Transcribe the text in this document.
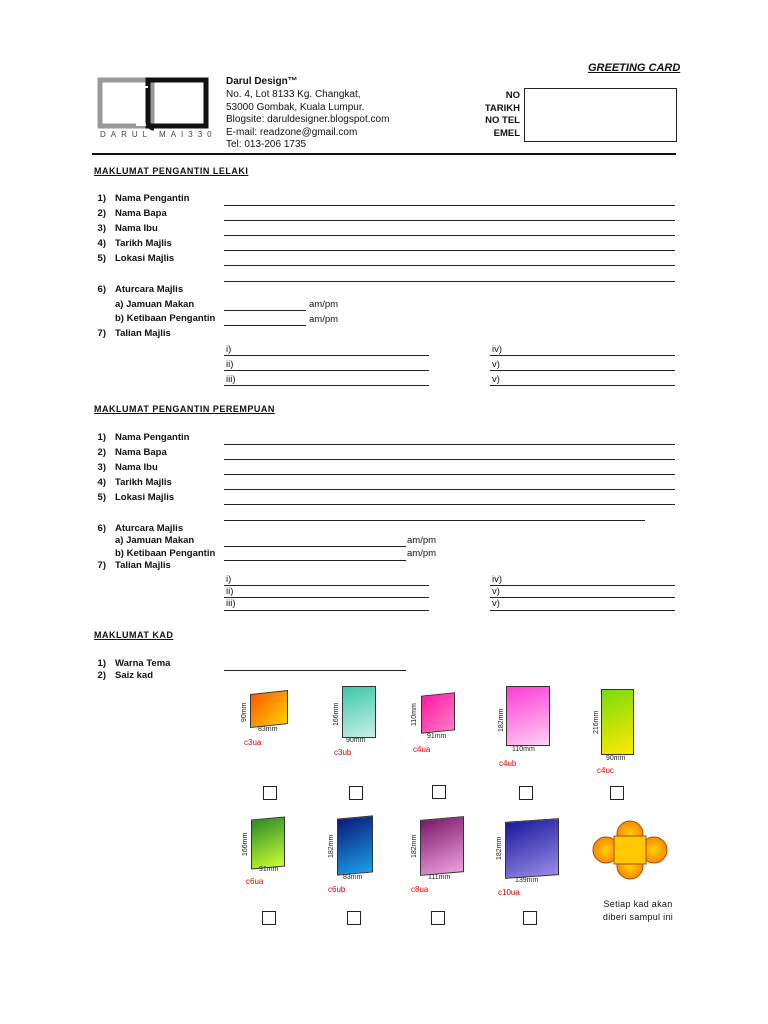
GREETING CARD
DARUL MAI330
Darul Design™
No. 4, Lot 8133 Kg. Changkat,
53000 Gombak, Kuala Lumpur.
Blogsite: daruldesigner.blogspot.com
E-mail: readzone@gmail.com
Tel: 013-206 1735
NO
TARIKH
NO TEL
EMEL
MAKLUMAT PENGANTIN LELAKI
1) Nama Pengantin
2) Nama Bapa
3) Nama Ibu
4) Tarikh Majlis
5) Lokasi Majlis
6) Aturcara Majlis
a) Jamuan Makan
b) Ketibaan Pengantin
am/pm
am/pm
7) Talian Majlis
i)
ii)
iii)
iv)
v)
v)
MAKLUMAT PENGANTIN PEREMPUAN
1) Nama Pengantin
2) Nama Bapa
3) Nama Ibu
4) Tarikh Majlis
5) Lokasi Majlis
6) Aturcara Majlis
a) Jamuan Makan
b) Ketibaan Pengantin
am/pm
am/pm
7) Talian Majlis
i)
ii)
iii)
iv)
v)
v)
MAKLUMAT KAD
1) Warna Tema
2) Saiz kad
90mm
83mm
c3ua
166mm
90mm
c3ub
110mm
91mm
c4ua
182mm
110mm
c4ub
216mm
90mm
c4uc
166mm
91mm
c6ua
182mm
83mm
c6ub
182mm
111mm
c8ua
182mm
139mm
c10ua
Setiap kad akan
diberi sampul ini
